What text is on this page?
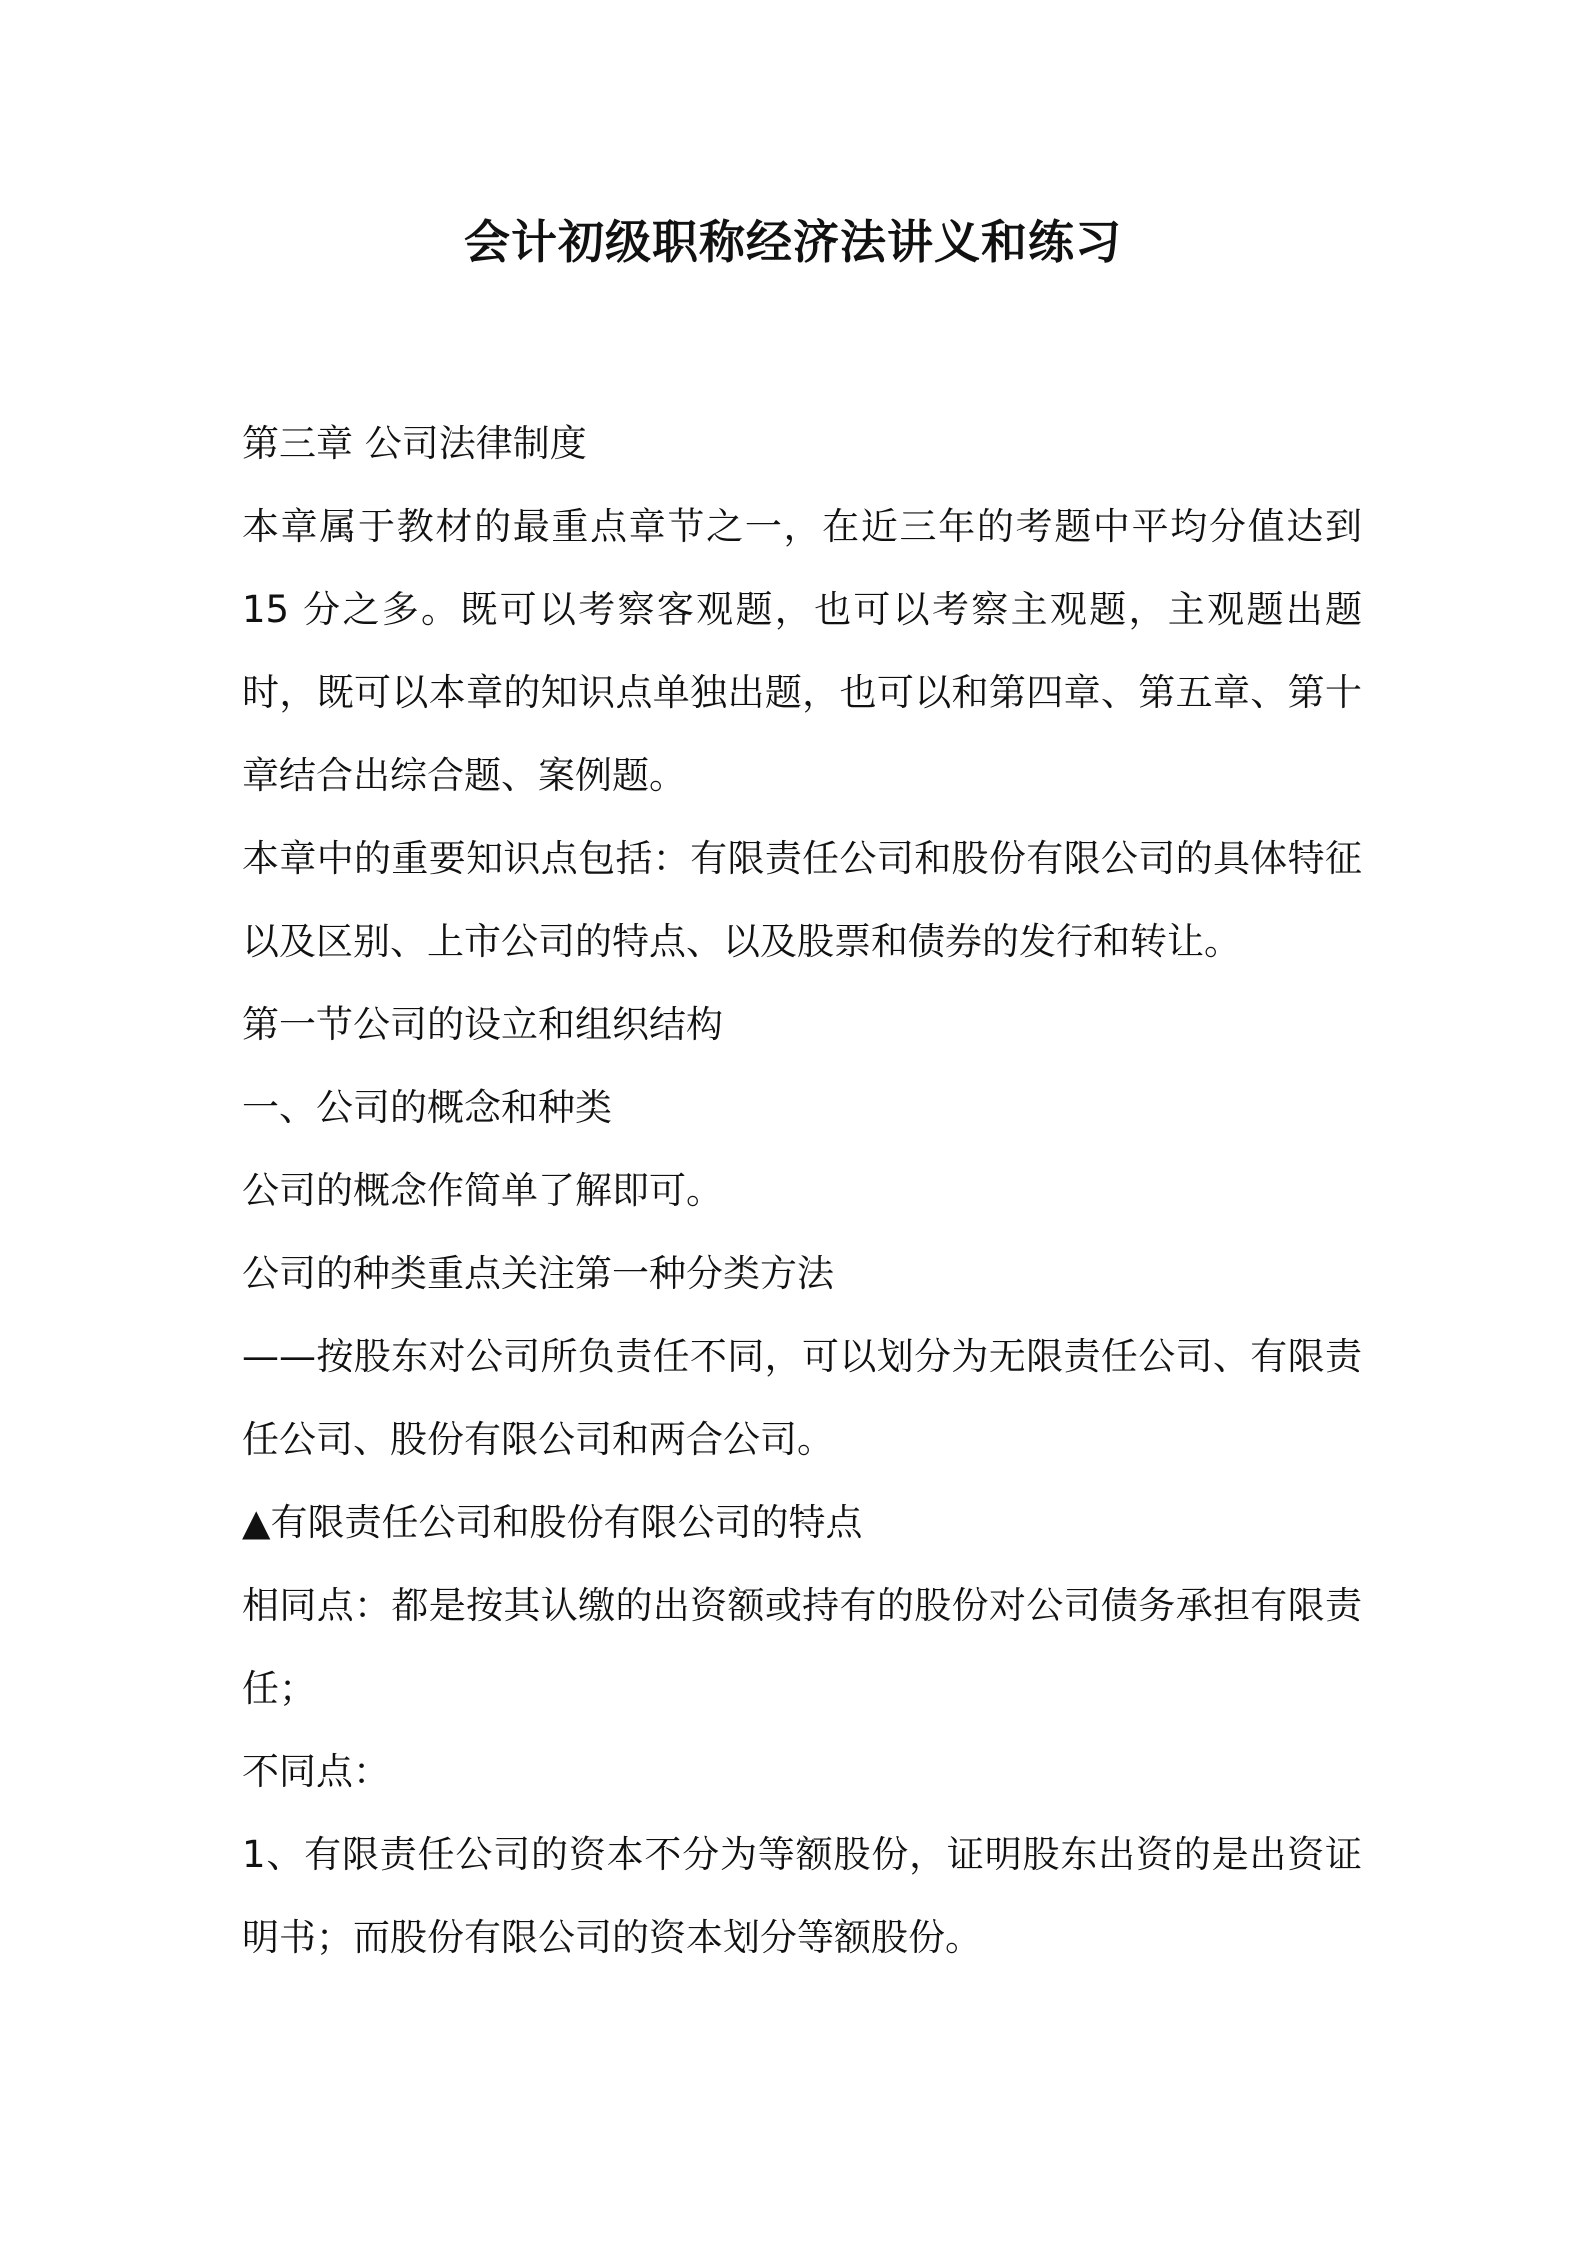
会计初级职称经济法讲义和练习

第三章 公司法律制度

本章属于教材的最重点章节之一，在近三年的考题中平均分值达到 15 分之多。既可以考察客观题，也可以考察主观题，主观题出题时，既可以本章的知识点单独出题，也可以和第四章、第五章、第十章结合出综合题、案例题。

本章中的重要知识点包括：有限责任公司和股份有限公司的具体特征以及区别、上市公司的特点、以及股票和债券的发行和转让。

第一节公司的设立和组织结构

一、公司的概念和种类

公司的概念作简单了解即可。

公司的种类重点关注第一种分类方法

——按股东对公司所负责任不同，可以划分为无限责任公司、有限责任公司、股份有限公司和两合公司。

▲有限责任公司和股份有限公司的特点

相同点：都是按其认缴的出资额或持有的股份对公司债务承担有限责任；

不同点：

1、有限责任公司的资本不分为等额股份，证明股东出资的是出资证明书；而股份有限公司的资本划分等额股份。
